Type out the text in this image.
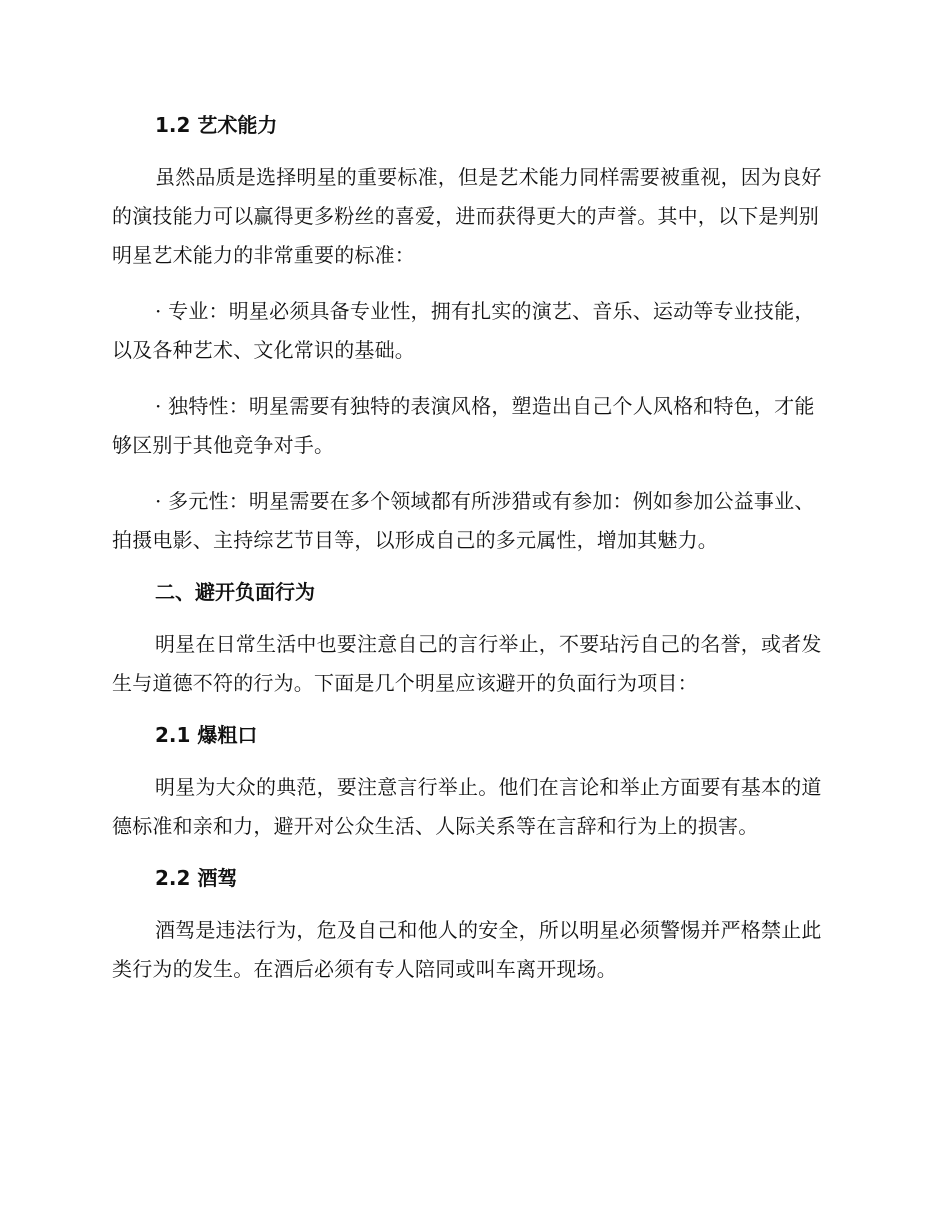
1.2 艺术能力

虽然品质是选择明星的重要标准，但是艺术能力同样需要被重视，因为良好的演技能力可以赢得更多粉丝的喜爱，进而获得更大的声誉。其中，以下是判别明星艺术能力的非常重要的标准：

· 专业：明星必须具备专业性，拥有扎实的演艺、音乐、运动等专业技能，以及各种艺术、文化常识的基础。

· 独特性：明星需要有独特的表演风格，塑造出自己个人风格和特色，才能够区别于其他竞争对手。

· 多元性：明星需要在多个领域都有所涉猎或有参加：例如参加公益事业、拍摄电影、主持综艺节目等，以形成自己的多元属性，增加其魅力。

二、避开负面行为

明星在日常生活中也要注意自己的言行举止，不要玷污自己的名誉，或者发生与道德不符的行为。下面是几个明星应该避开的负面行为项目：

2.1 爆粗口

明星为大众的典范，要注意言行举止。他们在言论和举止方面要有基本的道德标准和亲和力，避开对公众生活、人际关系等在言辞和行为上的损害。

2.2 酒驾

酒驾是违法行为，危及自己和他人的安全，所以明星必须警惕并严格禁止此类行为的发生。在酒后必须有专人陪同或叫车离开现场。
